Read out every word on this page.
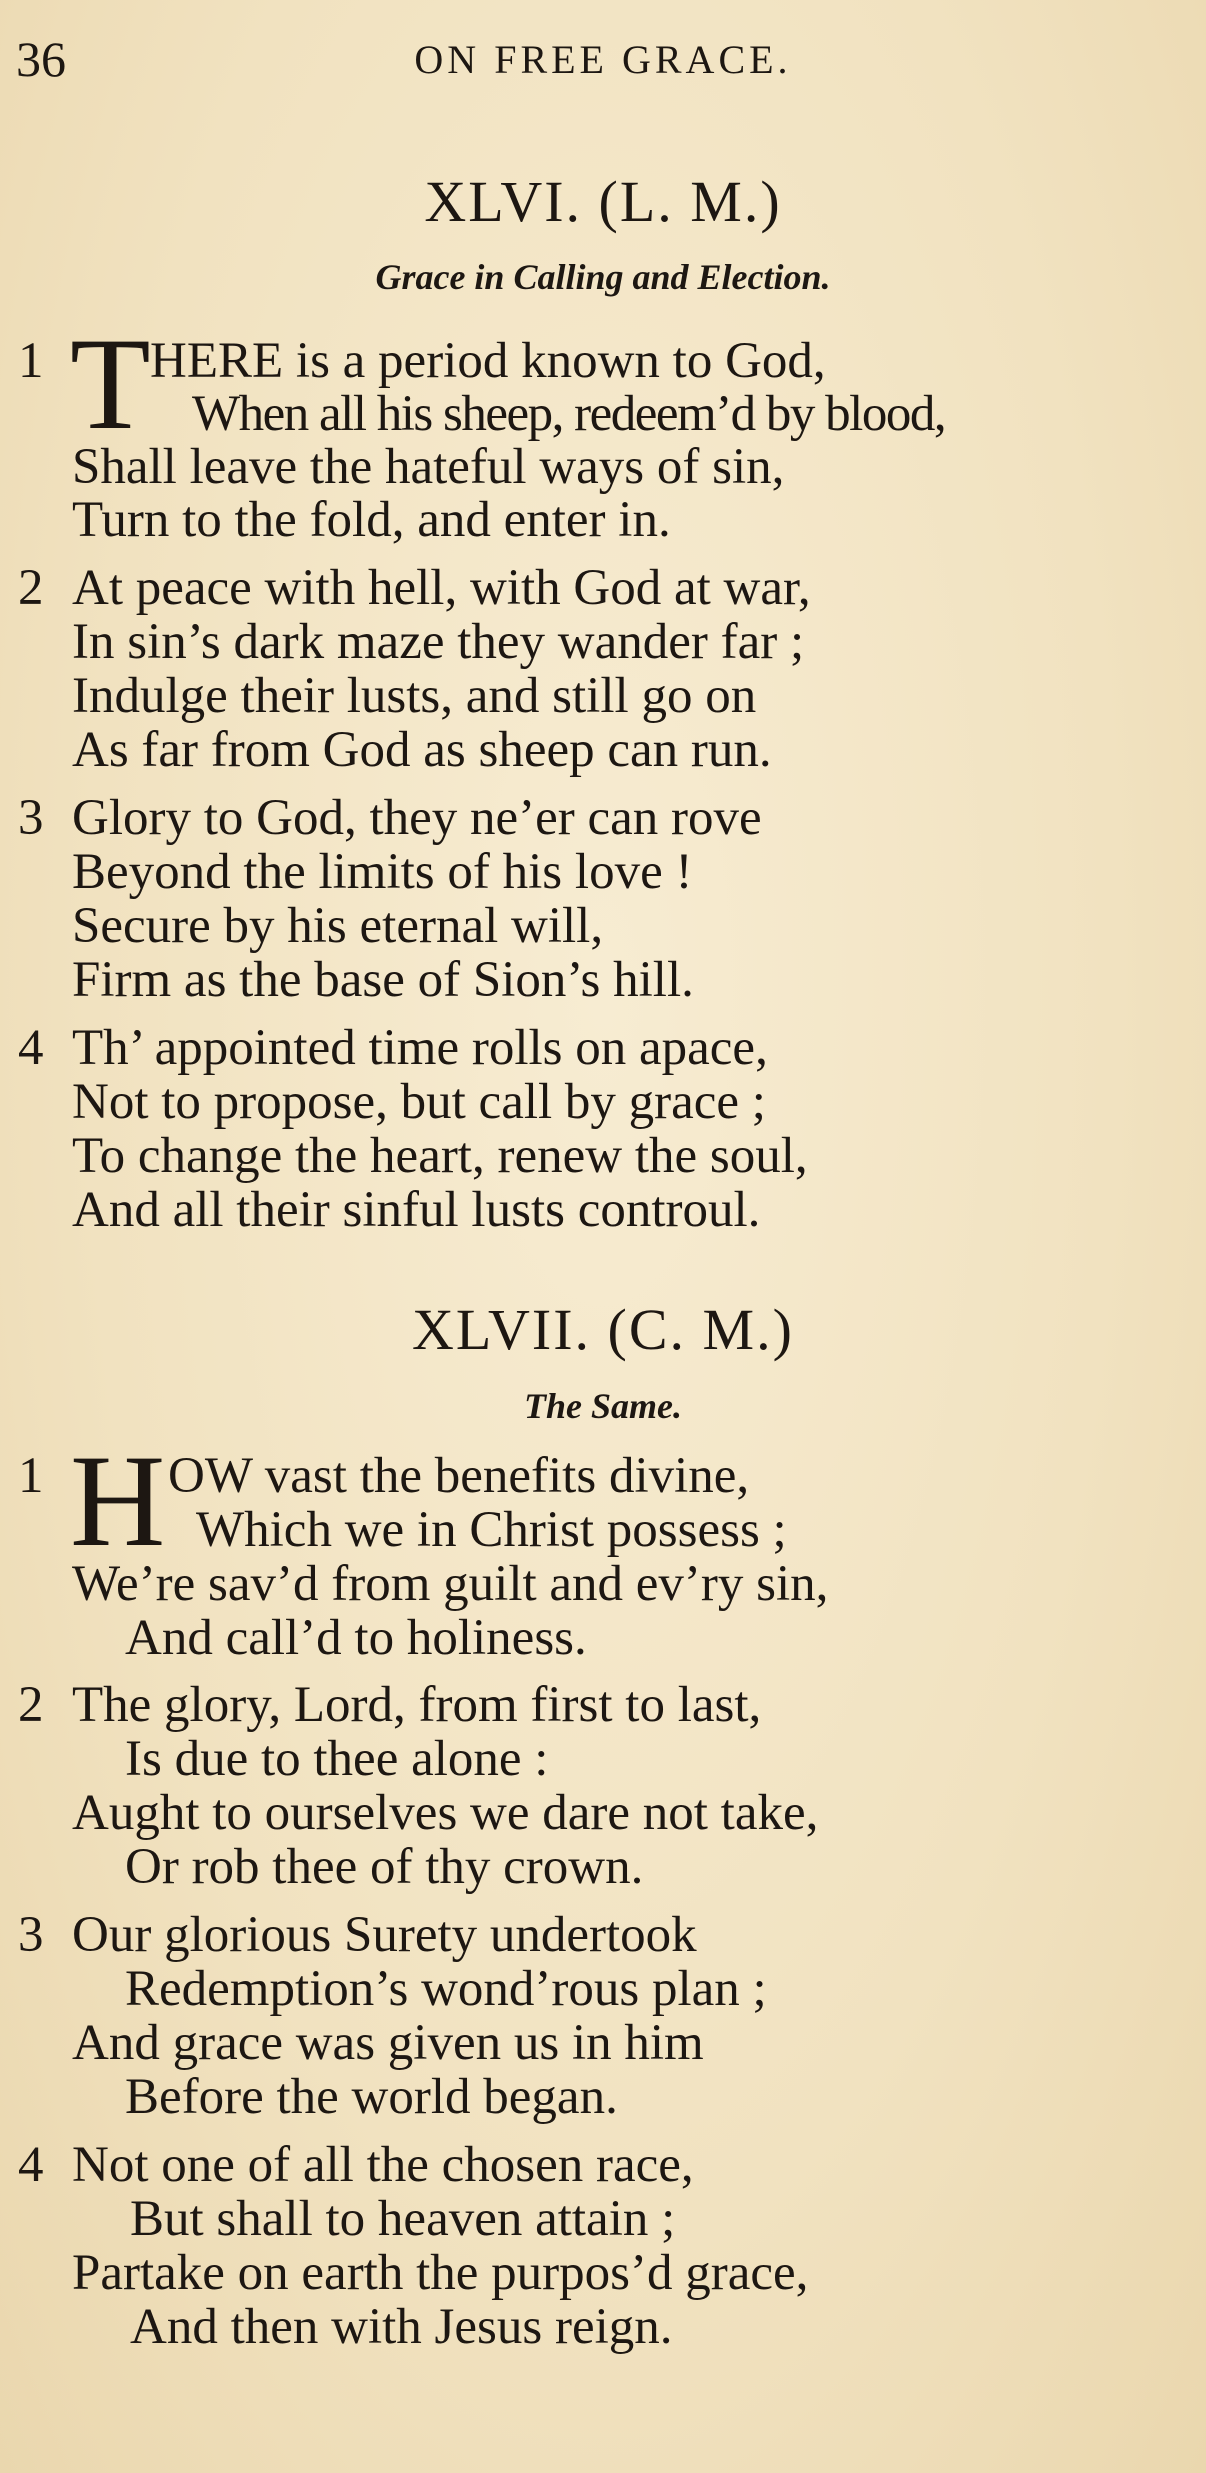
36	ON FREE GRACE.
XLVI. (L. M.)
Grace in Calling and Election.
1 T HERE is a period known to God,
When all his sheep, redeem’d by blood,
Shall leave the hateful ways of sin,
Turn to the fold, and enter in.
2 At peace with hell, with God at war,
In sin’s dark maze they wander far ;
Indulge their lusts, and still go on
As far from God as sheep can run.
3 Glory to God, they ne’er can rove
Beyond the limits of his love !
Secure by his eternal will,
Firm as the base of Sion’s hill.
4 Th’ appointed time rolls on apace,
Not to propose, but call by grace ;
To change the heart, renew the soul,
And all their sinful lusts controul.
XLVII. (C. M.)
The Same.
1 H OW vast the benefits divine,
Which we in Christ possess ;
We’re sav’d from guilt and ev’ry sin,
And call’d to holiness.
2 The glory, Lord, from first to last,
Is due to thee alone :
Aught to ourselves we dare not take,
Or rob thee of thy crown.
3 Our glorious Surety undertook
Redemption’s wond’rous plan ;
And grace was given us in him
Before the world began.
4 Not one of all the chosen race,
But shall to heaven attain ;
Partake on earth the purpos’d grace,
And then with Jesus reign.
